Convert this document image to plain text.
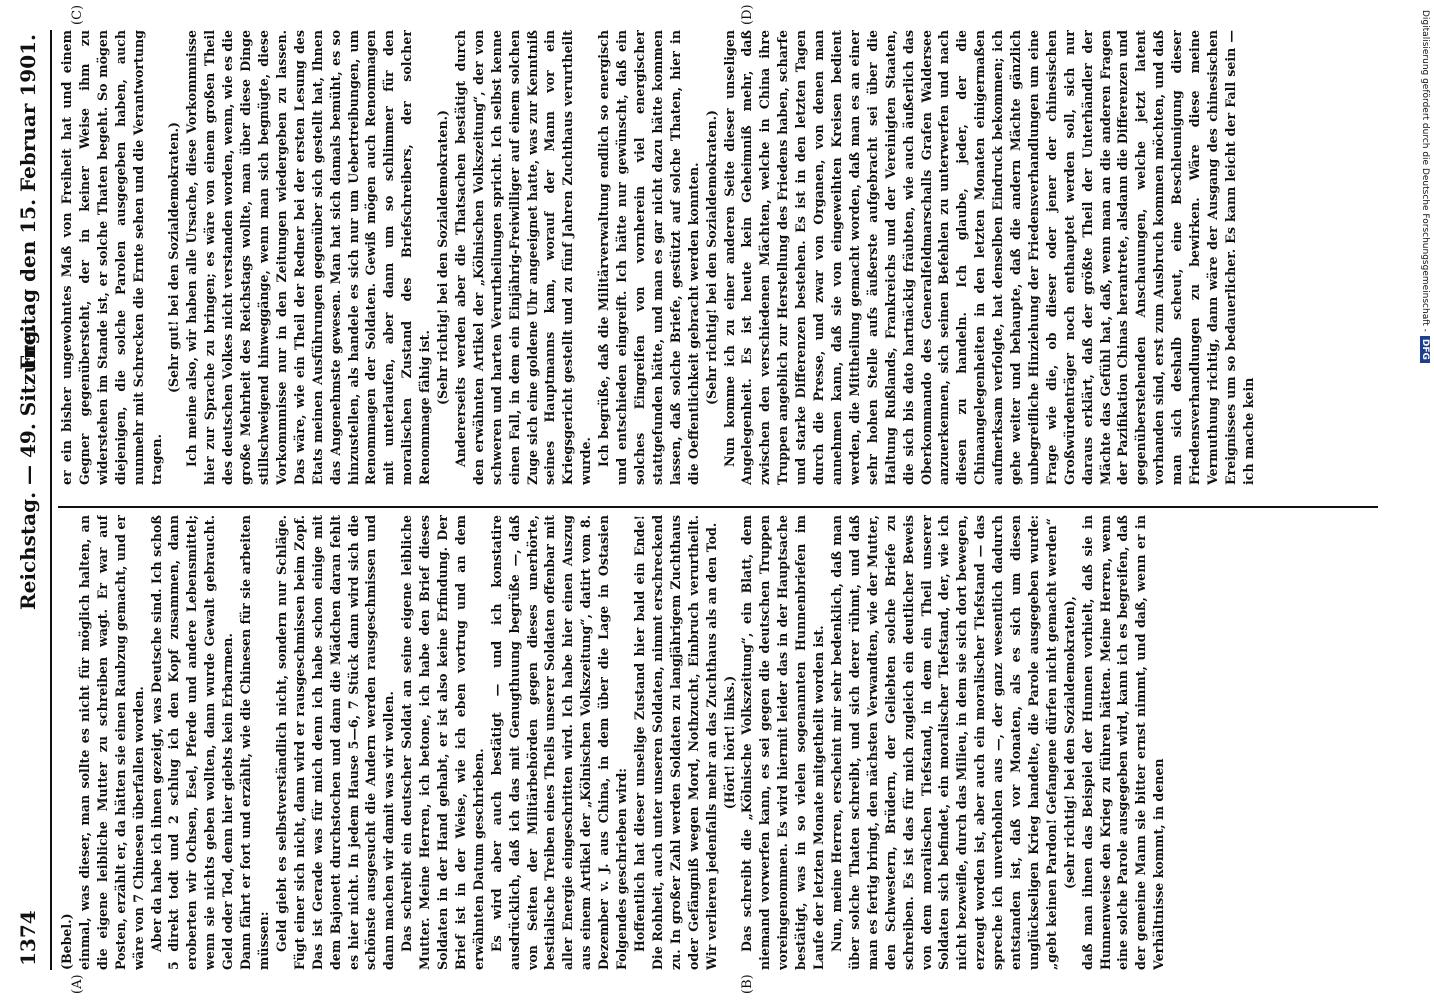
1374
Reichstag. — 49. Sitzung.
Freitag den 15. Februar 1901.
(A)	(B)
(C)	(D)

(Bebel.) einmal, was dieser, man sollte es nicht für möglich halten, an die eigene leibliche Mutter zu schreiben wagt. Er war auf Posten, erzählt er, da hätten sie einen Raubzug gemacht, und er wäre von 7 Chinesen überfallen worden. Aber da habe ich ihnen gezeigt, was Deutsche sind. Ich schoß 5 direkt todt und 2 schlug ich den Kopf zusammen, dann eroberten wir Ochsen, Esel, Pferde und andere Lebensmittel; wenn sie nichts geben wollten, dann wurde Gewalt gebraucht. Geld oder Tod, denn hier giebts kein Erbarmen. Dann fährt er fort und erzählt, wie die Chinesen für sie arbeiten müssen: Geld giebt es selbstverständlich nicht, sondern nur Schläge. Fügt einer sich nicht, dann wird er rausgeschmissen beim Zopf. Das ist Gerade was für mich denn ich habe schon einige mit dem Bajonett durchstochen und dann die Mädchen daran fehlt es hier nicht. In jedem Hause 5—6, 7 Stück dann wird sich die schönste ausgesucht die Andern werden rausgeschmissen und dann machen wir damit was wir wollen. Das schreibt ein deutscher Soldat an seine eigene leibliche Mutter. Meine Herren, ich betone, ich habe den Brief dieses Soldaten in der Hand gehabt, er ist also keine Erfindung. Der Brief ist in der Weise, wie ich eben vortrug und an dem erwähnten Datum geschrieben. Es wird aber auch bestätigt — und ich konstatire ausdrücklich, daß ich das mit Genugthuung begrüße —, daß von Seiten der Militärbehörden gegen dieses unerhörte, bestialische Treiben eines Theils unserer Soldaten offenbar mit aller Energie eingeschritten wird. Ich habe hier einen Auszug aus einem Artikel der „Kölnischen Volkszeitung“, datirt vom 8. Dezember v. J. aus China, in dem über die Lage in Ostasien Folgendes geschrieben wird: Hoffentlich hat dieser unselige Zustand hier bald ein Ende! Die Rohheit, auch unter unseren Soldaten, nimmt erschreckend zu. In großer Zahl werden Soldaten zu langjährigem Zuchthaus oder Gefängniß wegen Mord, Nothzucht, Einbruch verurtheilt. Wir verlieren jedenfalls mehr an das Zuchthaus als an den Tod. (Hört! hört! links.) Das schreibt die „Kölnische Volkszeitung“, ein Blatt, dem niemand vorwerfen kann, es sei gegen die deutschen Truppen voreingenommen. Es wird hiermit leider das in der Hauptsache bestätigt, was in so vielen sogenannten Hunnenbriefen im Laufe der letzten Monate mitgetheilt worden ist. Nun, meine Herren, erscheint mir sehr bedenklich, daß man über solche Thaten schreibt, und sich derer rühmt, und daß man es fertig bringt, den nächsten Verwandten, wie der Mutter, den Schwestern, Brüdern, der Geliebten solche Briefe zu schreiben. Es ist das für mich zugleich ein deutlicher Beweis von dem moralischen Tiefstand, in dem ein Theil unserer Soldaten sich befindet, ein moralischer Tiefstand, der, wie ich nicht bezweifle, durch das Milieu, in dem sie sich dort bewegen, erzeugt worden ist, aber auch ein moralischer Tiefstand — das spreche ich unverhohlen aus —, der ganz wesentlich dadurch entstanden ist, daß vor Monaten, als es sich um diesen unglückseligen Krieg handelte, die Parole ausgegeben wurde: „gebt keinen Pardon! Gefangene dürfen nicht gemacht werden“ (sehr richtig! bei den Sozialdemokraten), daß man ihnen das Beispiel der Hunnen vorhielt, daß sie in Hunnenweise den Krieg zu führen hätten. Meine Herren, wenn eine solche Parole ausgegeben wird, kann ich es begreifen, daß der gemeine Mann sie bitter ernst nimmt, und daß, wenn er in Verhältnisse kommt, in denen

er ein bisher ungewohntes Maß von Freiheit hat und einem Gegner gegenübersteht, der in keiner Weise ihm zu widerstehen im Stande ist, er solche Thaten begeht. So mögen diejenigen, die solche Parolen ausgegeben haben, auch nunmehr mit Schrecken die Ernte sehen und die Verantwortung tragen.

(Sehr gut! bei den Sozialdemokraten.) Ich meine also, wir haben alle Ursache, diese Vorkommnisse hier zur Sprache zu bringen; es wäre von einem großen Theil des deutschen Volkes nicht verstanden worden, wenn, wie es die große Mehrheit des Reichstags wollte, man über diese Dinge stillschweigend hinweggänge, wenn man sich begnügte, diese Vorkommnisse nur in den Zeitungen wiedergeben zu lassen. Das wäre, wie ein Theil der Redner bei der ersten Lesung des Etats meinen Ausführungen gegenüber sich gestellt hat, Ihnen das Angenehmste gewesen. Man hat sich damals bemüht, es so hinzustellen, als handele es sich nur um Uebertreibungen, um Renommagen der Soldaten. Gewiß mögen auch Renommagen mit unterlaufen, aber dann um so schlimmer für den moralischen Zustand des Briefschreibers, der solcher Renommage fähig ist.

(Sehr richtig! bei den Sozialdemokraten.) Andererseits werden aber die Thatsachen bestätigt durch den erwähnten Artikel der „Kölnischen Volkszeitung“, der von schweren und harten Verurtheilungen spricht. Ich selbst kenne einen Fall, in dem ein Einjährig-Freiwilliger auf einem solchen Zuge sich eine goldene Uhr angeeignet hatte, was zur Kenntniß seines Hauptmanns kam, worauf der Mann vor ein Kriegsgericht gestellt und zu fünf Jahren Zuchthaus verurtheilt wurde. Ich begrüße, daß die Militärverwaltung endlich so energisch und entschieden eingreift. Ich hätte nur gewünscht, daß ein solches Eingreifen von vornherein viel energischer stattgefunden hätte, und man es gar nicht dazu hätte kommen lassen, daß solche Briefe, gestützt auf solche Thaten, hier in die Oeffentlichkeit gebracht werden konnten. (Sehr richtig! bei den Sozialdemokraten.) Nun komme ich zu einer anderen Seite dieser unseligen Angelegenheit. Es ist heute kein Geheimniß mehr, daß zwischen den verschiedenen Mächten, welche in China ihre Truppen angeblich zur Herstellung des Friedens haben, scharfe und starke Differenzen bestehen. Es ist in den letzten Tagen durch die Presse, und zwar von Organen, von denen man annehmen kann, daß sie von eingeweihten Kreisen bedient werden, die Mittheilung gemacht worden, daß man es an einer sehr hohen Stelle aufs äußerste aufgebracht sei über die Haltung Rußlands, Frankreichs und der Vereinigten Staaten, die sich bis dato hartnäckig fräubten, wie auch äußerlich das Oberkommando des Generalfeldmarschalls Grafen Waldersee anzuerkennen, sich seinen Befehlen zu unterwerfen und nach diesen zu handeln. Ich glaube, jeder, der die Chinaangelegenheiten in den letzten Monaten einigermaßen aufmerksam verfolgte, hat denselben Eindruck bekommen; ich gehe weiter und behaupte, daß die andern Mächte gänzlich unbegreifliche Hinziehung der Friedensverhandlungen um eine Frage wie die, ob dieser oder jener der chinesischen Großwürdenträger noch enthauptet werden soll, sich nur daraus erklärt, daß der größte Theil der Unterhändler der Mächte das Gefühl hat, daß, wenn man an die anderen Fragen der Pazifikation Chinas herantrete, alsdann die Differenzen und gegenüberstehenden Anschauungen, welche jetzt latent vorhanden sind, erst zum Ausbruch kommen möchten, und daß man sich deshalb scheut, eine Beschleunigung dieser Friedensverhandlungen zu bewirken. Wäre diese meine Vermuthung richtig, dann wäre der Ausgang des chinesischen Ereignisses um so bedauerlicher. Es kann leicht der Fall sein — ich mache kein

Digitalisierung gefördert durch die Deutsche Forschungsgemeinschaft -DFG
